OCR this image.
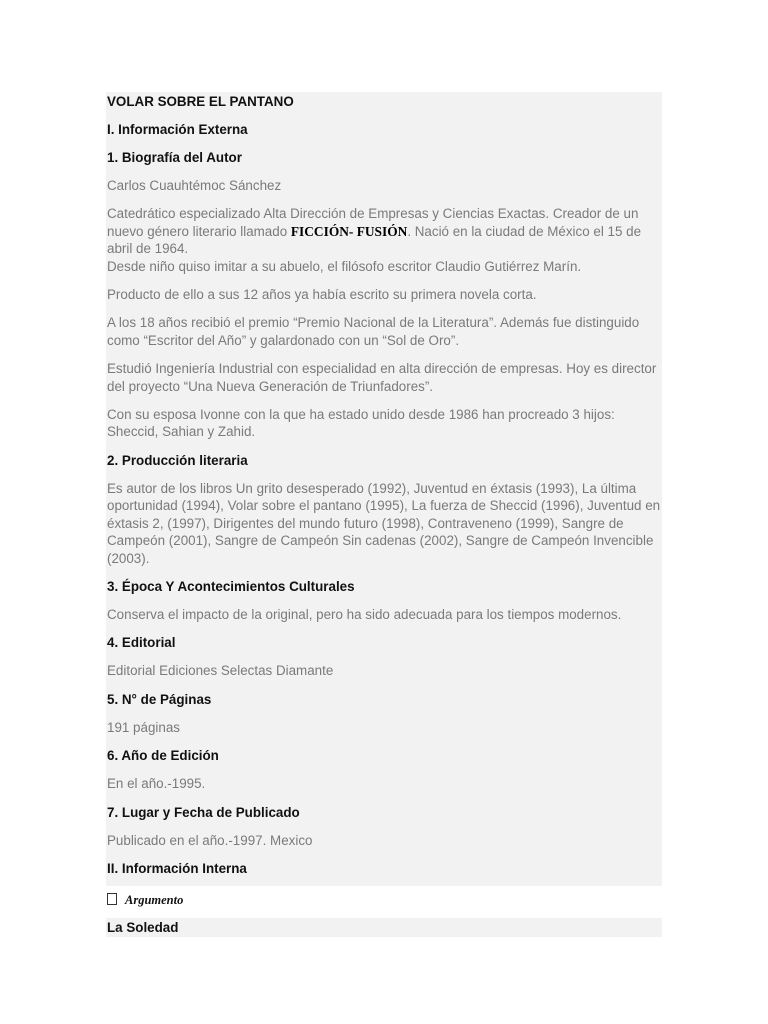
VOLAR SOBRE EL PANTANO
I. Información Externa
1. Biografía del Autor
Carlos Cuauhtémoc Sánchez
Catedrático especializado Alta Dirección de Empresas y Ciencias Exactas. Creador de un nuevo género literario llamado FICCIÓN- FUSIÓN. Nació en la ciudad de México el 15 de abril de 1964.
Desde niño quiso imitar a su abuelo, el filósofo escritor Claudio Gutiérrez Marín.
Producto de ello a sus 12 años ya había escrito su primera novela corta.
A los 18 años recibió el premio “Premio Nacional de la Literatura”. Además fue distinguido como “Escritor del Año” y galardonado con un “Sol de Oro”.
Estudió Ingeniería Industrial con especialidad en alta dirección de empresas. Hoy es director del proyecto “Una Nueva Generación de Triunfadores”.
Con su esposa Ivonne con la que ha estado unido desde 1986 han procreado 3 hijos: Sheccid, Sahian y Zahid.
2. Producción literaria
Es autor de los libros Un grito desesperado (1992), Juventud en éxtasis (1993), La última oportunidad (1994), Volar sobre el pantano (1995), La fuerza de Sheccid (1996), Juventud en éxtasis 2, (1997), Dirigentes del mundo futuro (1998), Contraveneno (1999), Sangre de Campeón (2001), Sangre de Campeón Sin cadenas (2002), Sangre de Campeón Invencible (2003).
3. Época Y Acontecimientos Culturales
Conserva el impacto de la original, pero ha sido adecuada para los tiempos modernos.
4. Editorial
Editorial Ediciones Selectas Diamante
5. N° de Páginas
191 páginas
6. Año de Edición
En el año.-1995.
7. Lugar y Fecha de Publicado
Publicado en el año.-1997. Mexico
II. Información Interna
Argumento
La Soledad
